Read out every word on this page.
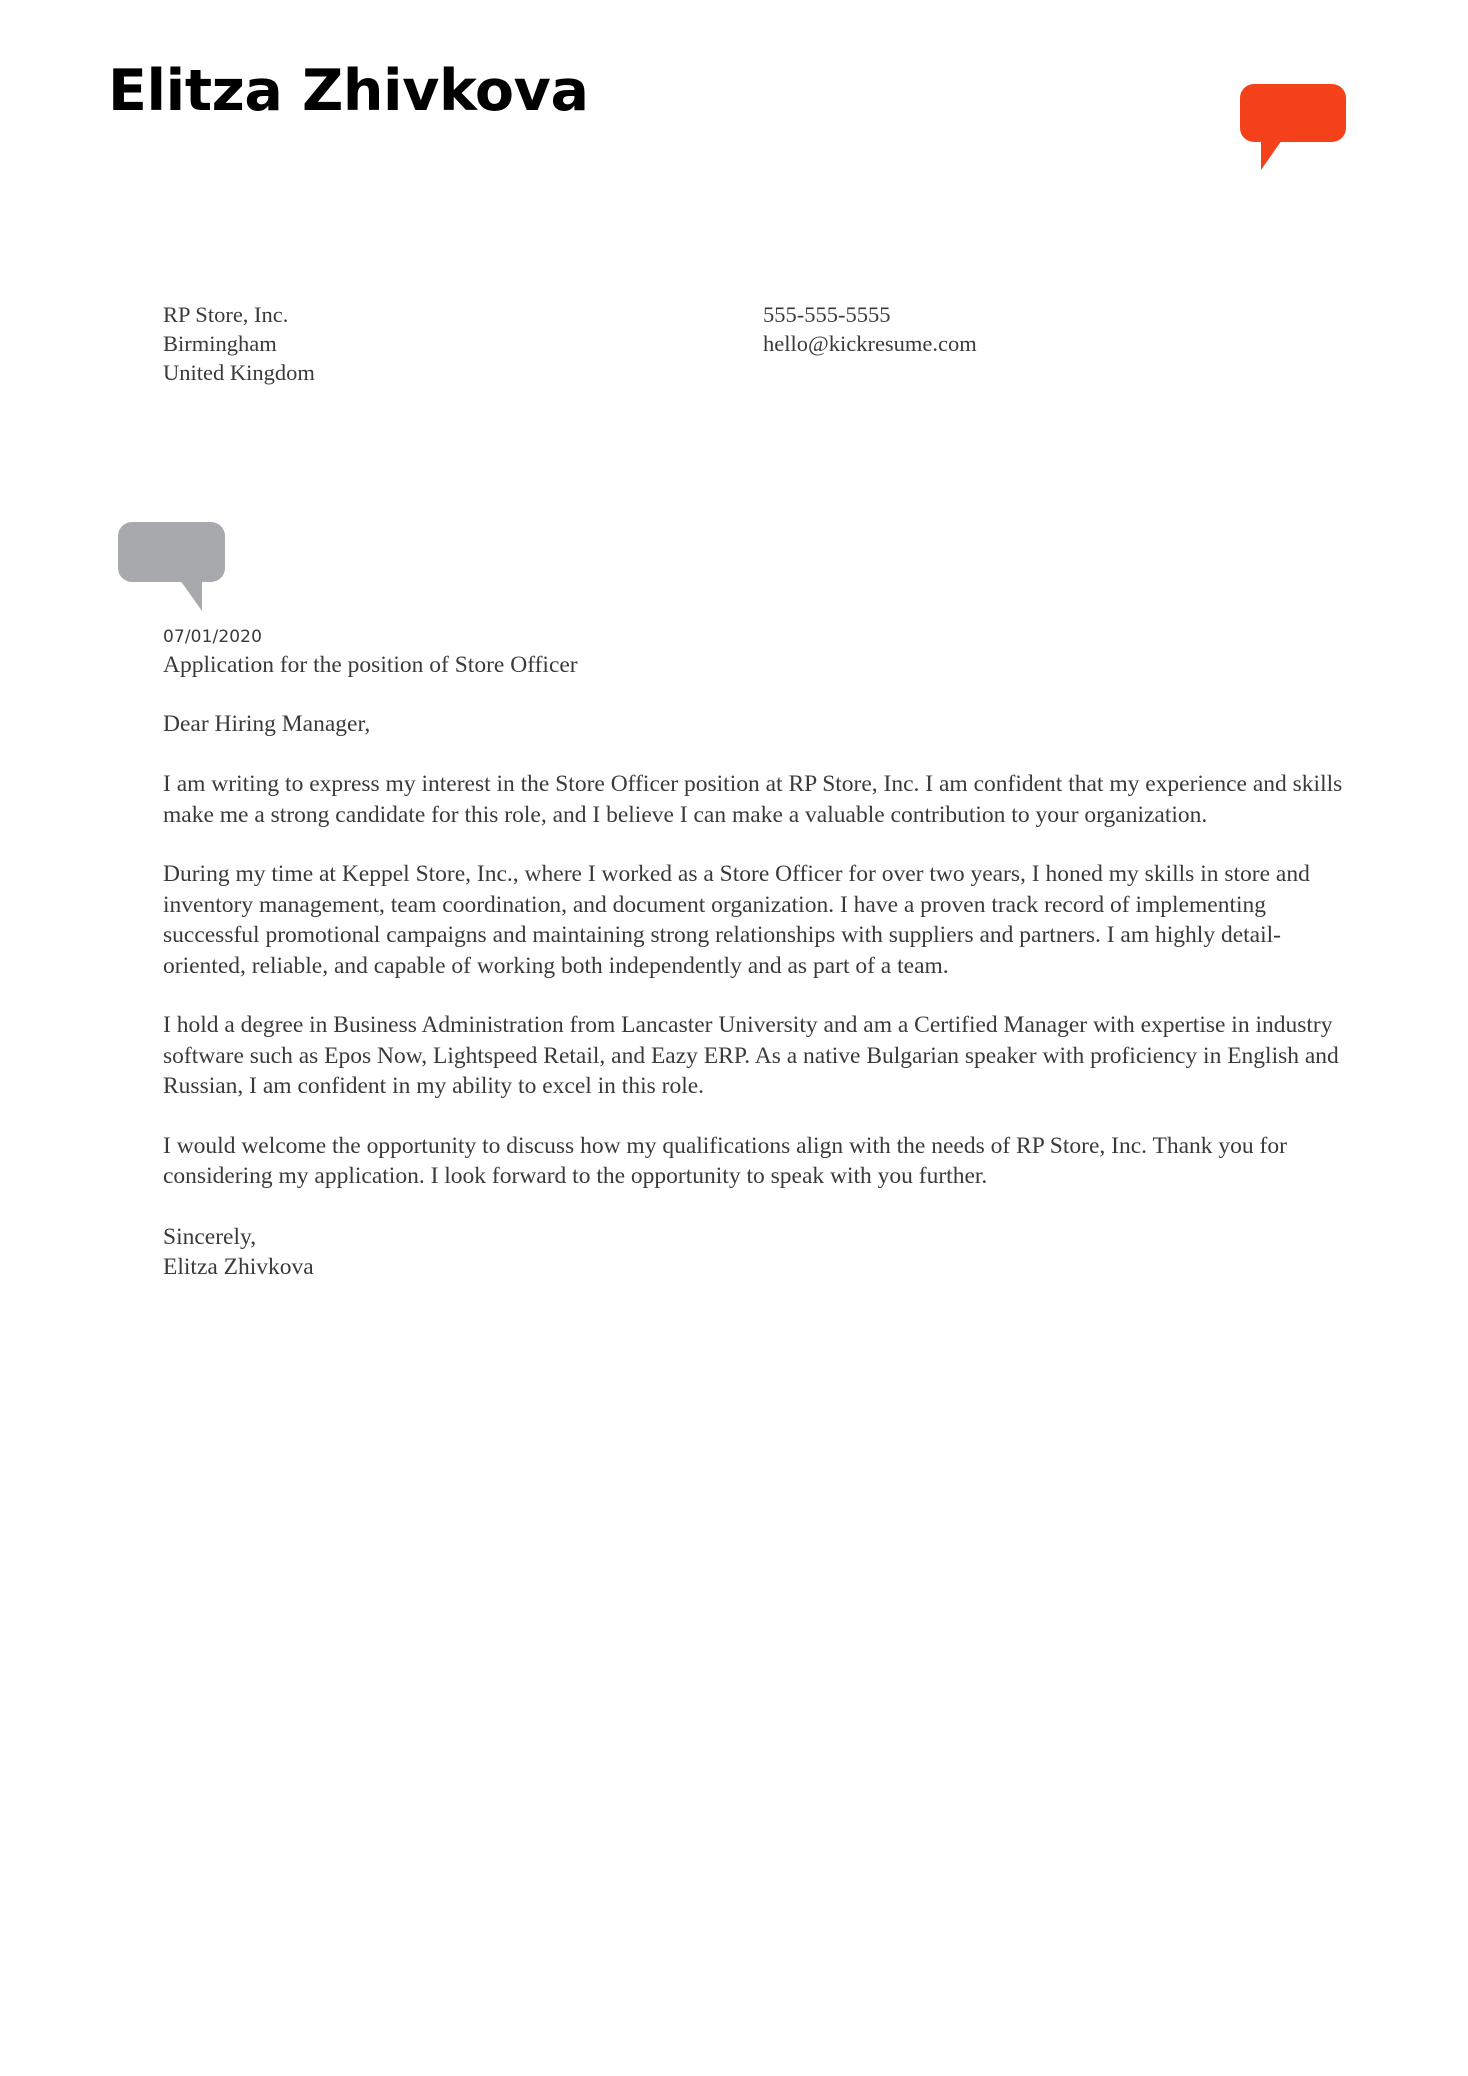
Elitza Zhivkova
RP Store, Inc.
Birmingham
United Kingdom
555-555-5555
hello@kickresume.com
07/01/2020
Application for the position of Store Officer
Dear Hiring Manager,

I am writing to express my interest in the Store Officer position at RP Store, Inc. I am confident that my experience and skills make me a strong candidate for this role, and I believe I can make a valuable contribution to your organization.

During my time at Keppel Store, Inc., where I worked as a Store Officer for over two years, I honed my skills in store and inventory management, team coordination, and document organization. I have a proven track record of implementing successful promotional campaigns and maintaining strong relationships with suppliers and partners. I am highly detail-oriented, reliable, and capable of working both independently and as part of a team.

I hold a degree in Business Administration from Lancaster University and am a Certified Manager with expertise in industry software such as Epos Now, Lightspeed Retail, and Eazy ERP. As a native Bulgarian speaker with proficiency in English and Russian, I am confident in my ability to excel in this role.

I would welcome the opportunity to discuss how my qualifications align with the needs of RP Store, Inc. Thank you for considering my application. I look forward to the opportunity to speak with you further.

Sincerely,
Elitza Zhivkova
